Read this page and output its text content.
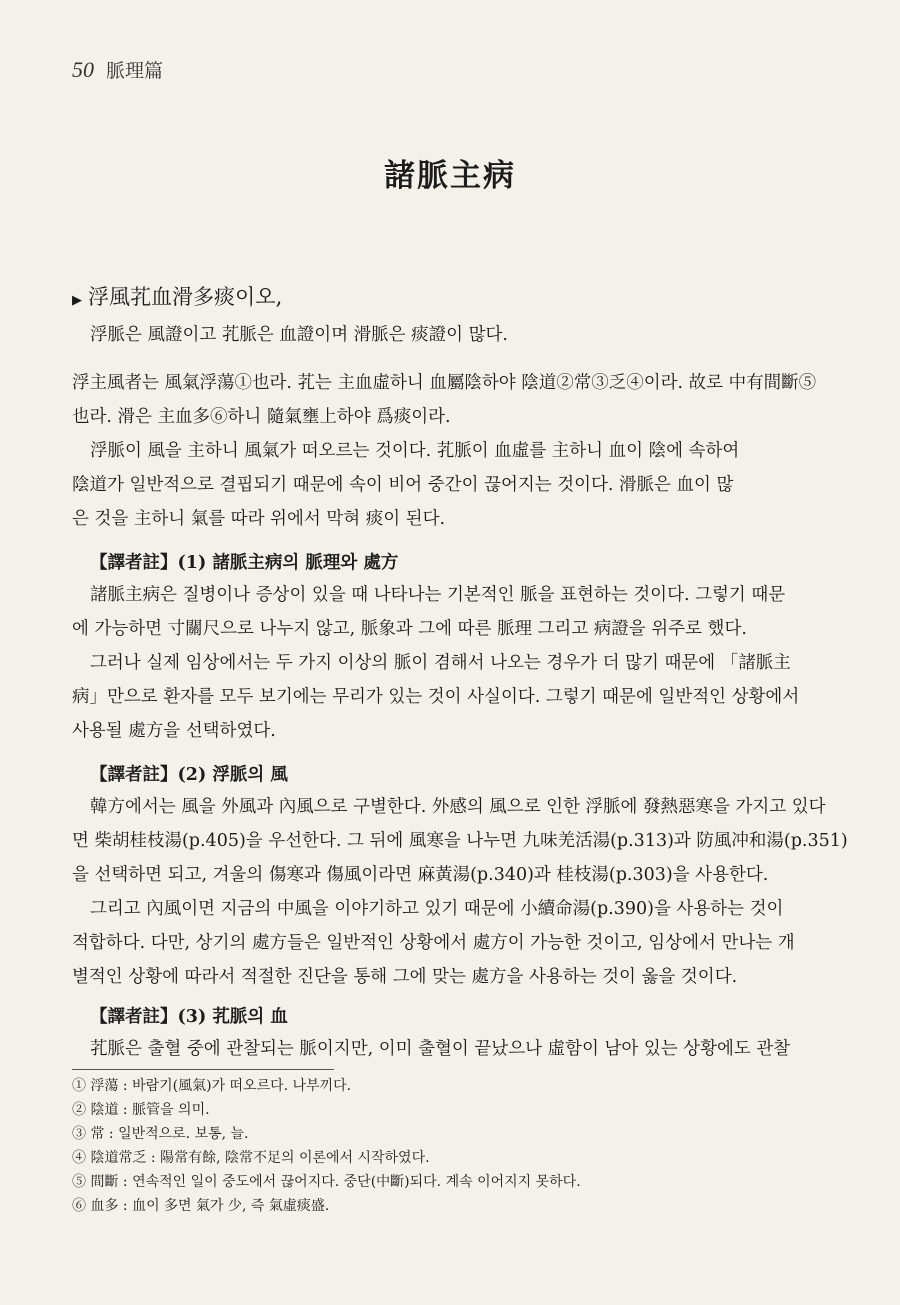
50 脈理篇
諸脈主病
▶ 浮風芤血滑多痰이오,
浮脈은 風證이고 芤脈은 血證이며 滑脈은 痰證이 많다.
浮主風者는 風氣浮蕩①也라. 芤는 主血虛하니 血屬陰하야 陰道②常③乏④이라. 故로 中有間斷⑤
也라. 滑은 主血多⑥하니 隨氣壅上하야 爲痰이라.
浮脈이 風을 主하니 風氣가 떠오르는 것이다. 芤脈이 血虛를 主하니 血이 陰에 속하여
陰道가 일반적으로 결핍되기 때문에 속이 비어 중간이 끊어지는 것이다. 滑脈은 血이 많
은 것을 主하니 氣를 따라 위에서 막혀 痰이 된다.
【譯者註】(1) 諸脈主病의 脈理와 處方
諸脈主病은 질병이나 증상이 있을 때 나타나는 기본적인 脈을 표현하는 것이다. 그렇기 때문
에 가능하면 寸關尺으로 나누지 않고, 脈象과 그에 따른 脈理 그리고 病證을 위주로 했다.
그러나 실제 임상에서는 두 가지 이상의 脈이 겸해서 나오는 경우가 더 많기 때문에 「諸脈主
病」만으로 환자를 모두 보기에는 무리가 있는 것이 사실이다. 그렇기 때문에 일반적인 상황에서
사용될 處方을 선택하였다.
【譯者註】(2) 浮脈의 風
韓方에서는 風을 外風과 內風으로 구별한다. 外感의 風으로 인한 浮脈에 發熱惡寒을 가지고 있다
면 柴胡桂枝湯(p.405)을 우선한다. 그 뒤에 風寒을 나누면 九味羌活湯(p.313)과 防風冲和湯(p.351)
을 선택하면 되고, 겨울의 傷寒과 傷風이라면 麻黃湯(p.340)과 桂枝湯(p.303)을 사용한다.
그리고 內風이면 지금의 中風을 이야기하고 있기 때문에 小續命湯(p.390)을 사용하는 것이
적합하다. 다만, 상기의 處方들은 일반적인 상황에서 處方이 가능한 것이고, 임상에서 만나는 개
별적인 상황에 따라서 적절한 진단을 통해 그에 맞는 處方을 사용하는 것이 옳을 것이다.
【譯者註】(3) 芤脈의 血
芤脈은 출혈 중에 관찰되는 脈이지만, 이미 출혈이 끝났으나 虛함이 남아 있는 상황에도 관찰
① 浮蕩 : 바람기(風氣)가 떠오르다. 나부끼다.
② 陰道 : 脈管을 의미.
③ 常 : 일반적으로. 보통, 늘.
④ 陰道常乏 : 陽常有餘, 陰常不足의 이론에서 시작하였다.
⑤ 間斷 : 연속적인 일이 중도에서 끊어지다. 중단(中斷)되다. 계속 이어지지 못하다.
⑥ 血多 : 血이 多면 氣가 少, 즉 氣虛痰盛.
